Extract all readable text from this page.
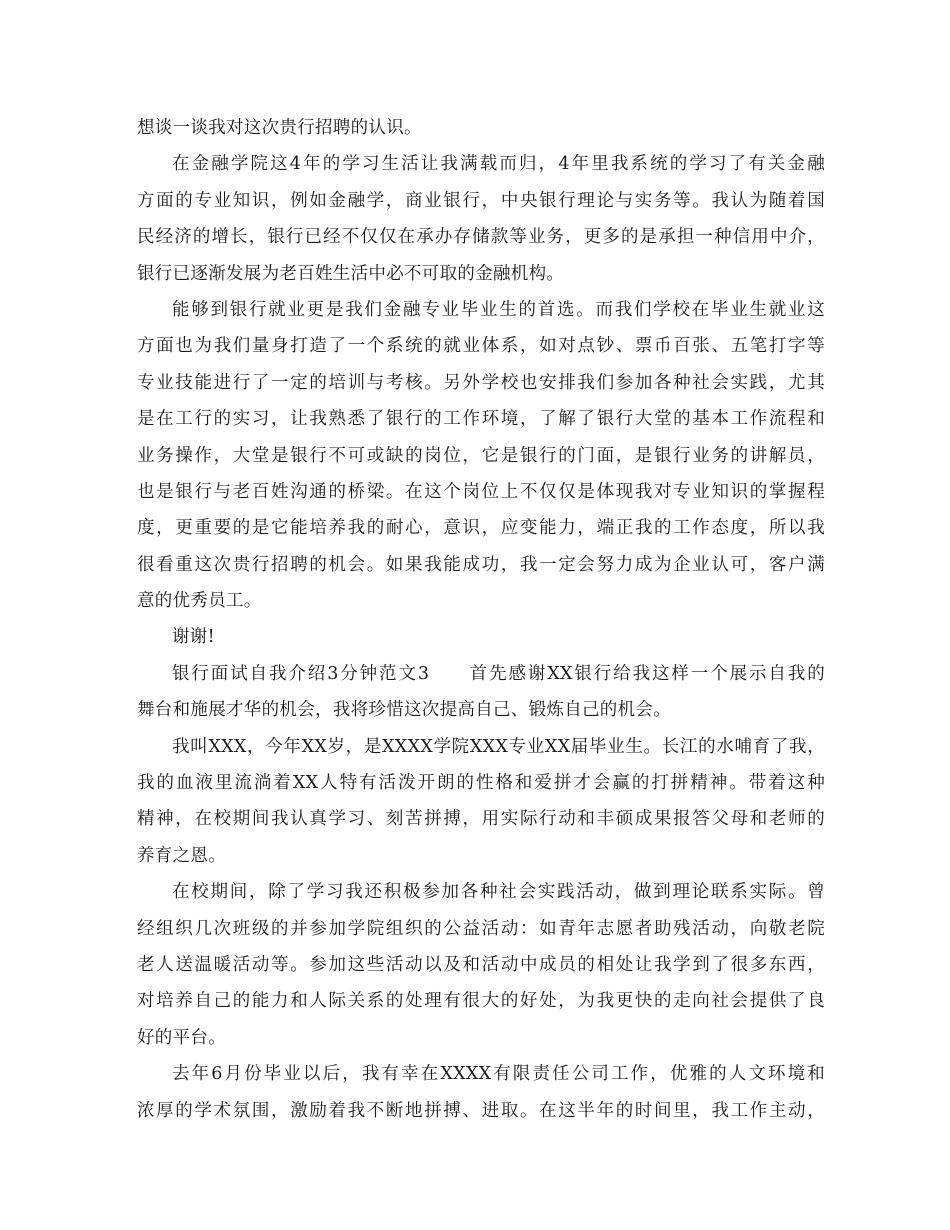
想谈一谈我对这次贵行招聘的认识。
在金融学院这4年的学习生活让我满载而归，4年里我系统的学习了有关金融
方面的专业知识，例如金融学，商业银行，中央银行理论与实务等。我认为随着国
民经济的增长，银行已经不仅仅在承办存储款等业务，更多的是承担一种信用中介，
银行已逐渐发展为老百姓生活中必不可取的金融机构。
能够到银行就业更是我们金融专业毕业生的首选。而我们学校在毕业生就业这
方面也为我们量身打造了一个系统的就业体系，如对点钞、票币百张、五笔打字等
专业技能进行了一定的培训与考核。另外学校也安排我们参加各种社会实践，尤其
是在工行的实习，让我熟悉了银行的工作环境，了解了银行大堂的基本工作流程和
业务操作，大堂是银行不可或缺的岗位，它是银行的门面，是银行业务的讲解员，
也是银行与老百姓沟通的桥梁。在这个岗位上不仅仅是体现我对专业知识的掌握程
度，更重要的是它能培养我的耐心，意识，应变能力，端正我的工作态度，所以我
很看重这次贵行招聘的机会。如果我能成功，我一定会努力成为企业认可，客户满
意的优秀员工。
谢谢!
银行面试自我介绍3分钟范文3　　首先感谢XX银行给我这样一个展示自我的
舞台和施展才华的机会，我将珍惜这次提高自己、锻炼自己的机会。
我叫XXX，今年XX岁，是XXXX学院XXX专业XX届毕业生。长江的水哺育了我，
我的血液里流淌着XX人特有活泼开朗的性格和爱拼才会赢的打拼精神。带着这种
精神，在校期间我认真学习、刻苦拼搏，用实际行动和丰硕成果报答父母和老师的
养育之恩。
在校期间，除了学习我还积极参加各种社会实践活动，做到理论联系实际。曾
经组织几次班级的并参加学院组织的公益活动：如青年志愿者助残活动，向敬老院
老人送温暖活动等。参加这些活动以及和活动中成员的相处让我学到了很多东西，
对培养自己的能力和人际关系的处理有很大的好处，为我更快的走向社会提供了良
好的平台。
去年6月份毕业以后，我有幸在XXXX有限责任公司工作，优雅的人文环境和
浓厚的学术氛围，激励着我不断地拼搏、进取。在这半年的时间里，我工作主动，
